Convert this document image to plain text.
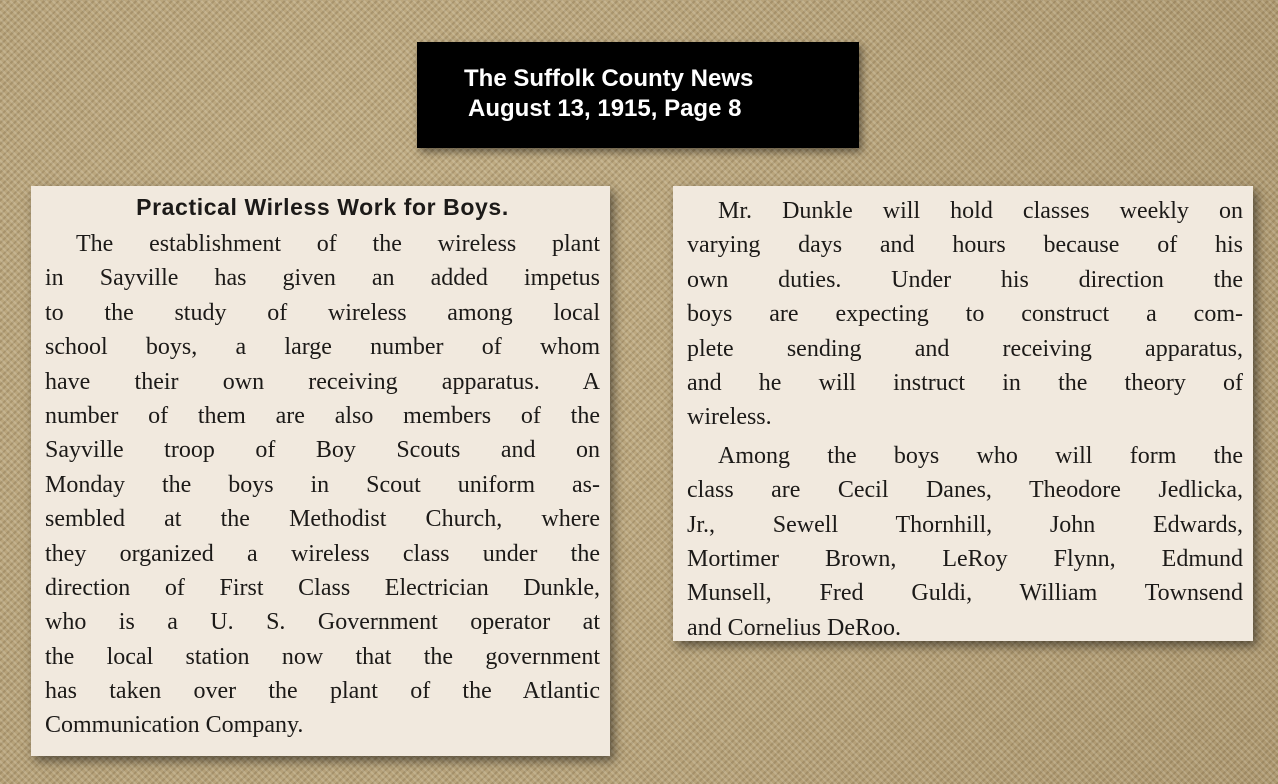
The Suffolk County News
August 13, 1915, Page 8
Practical Wirless Work for Boys.
The establishment of the wireless plant
in Sayville has given an added impetus
to the study of wireless among local
school boys, a large number of whom
have their own receiving apparatus. A
number of them are also members of the
Sayville troop of Boy Scouts and on
Monday the boys in Scout uniform as-
sembled at the Methodist Church, where
they organized a wireless class under the
direction of First Class Electrician Dunkle,
who is a U. S. Government operator at
the local station now that the government
has taken over the plant of the Atlantic
Communication Company.
Mr. Dunkle will hold classes weekly on
varying days and hours because of his
own duties. Under his direction the
boys are expecting to construct a com-
plete sending and receiving apparatus,
and he will instruct in the theory of
wireless.
Among the boys who will form the
class are Cecil Danes, Theodore Jedlicka,
Jr., Sewell Thornhill, John Edwards,
Mortimer Brown, LeRoy Flynn, Edmund
Munsell, Fred Guldi, William Townsend
and Cornelius DeRoo.
